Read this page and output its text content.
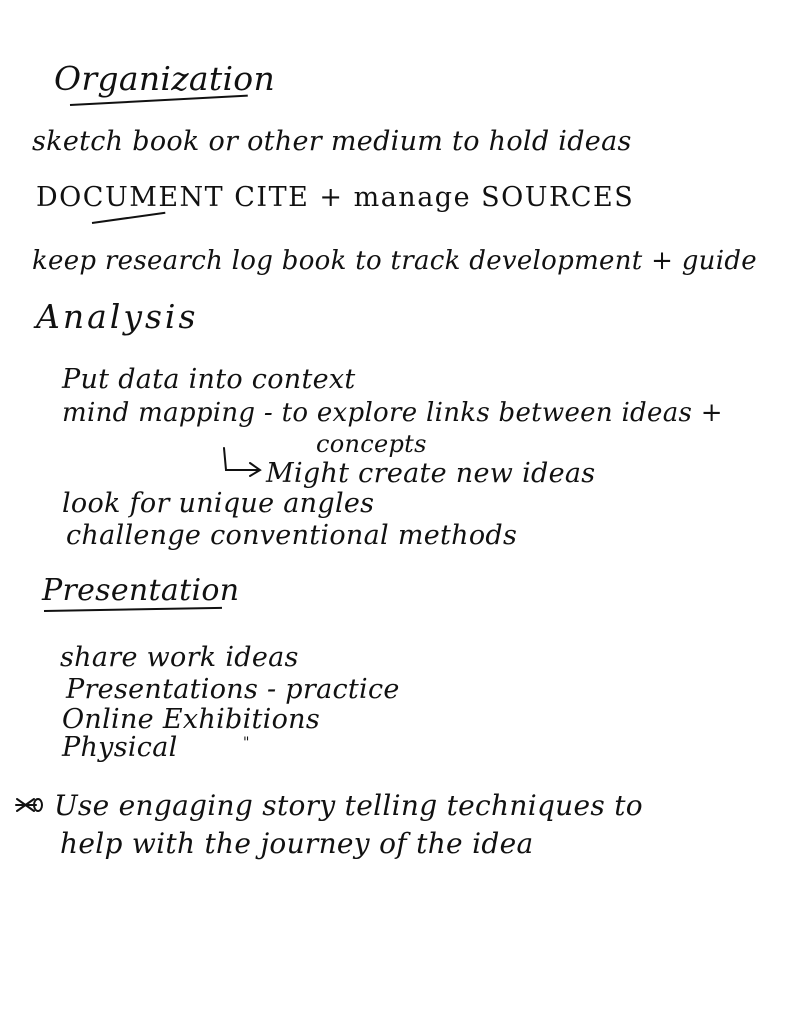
Organization
sketch book or other medium to hold ideas
DOCUMENT CITE + manage SOURCES
keep research log book to track development + guide
Analysis
Put data into context
mind mapping - to explore links between ideas +
concepts
Might create new ideas
look for unique angles
challenge conventional methods
Presentation
share work ideas
Presentations - practice
Online Exhibitions
Physical	"
Use engaging story telling techniques to
help with the journey of the idea
